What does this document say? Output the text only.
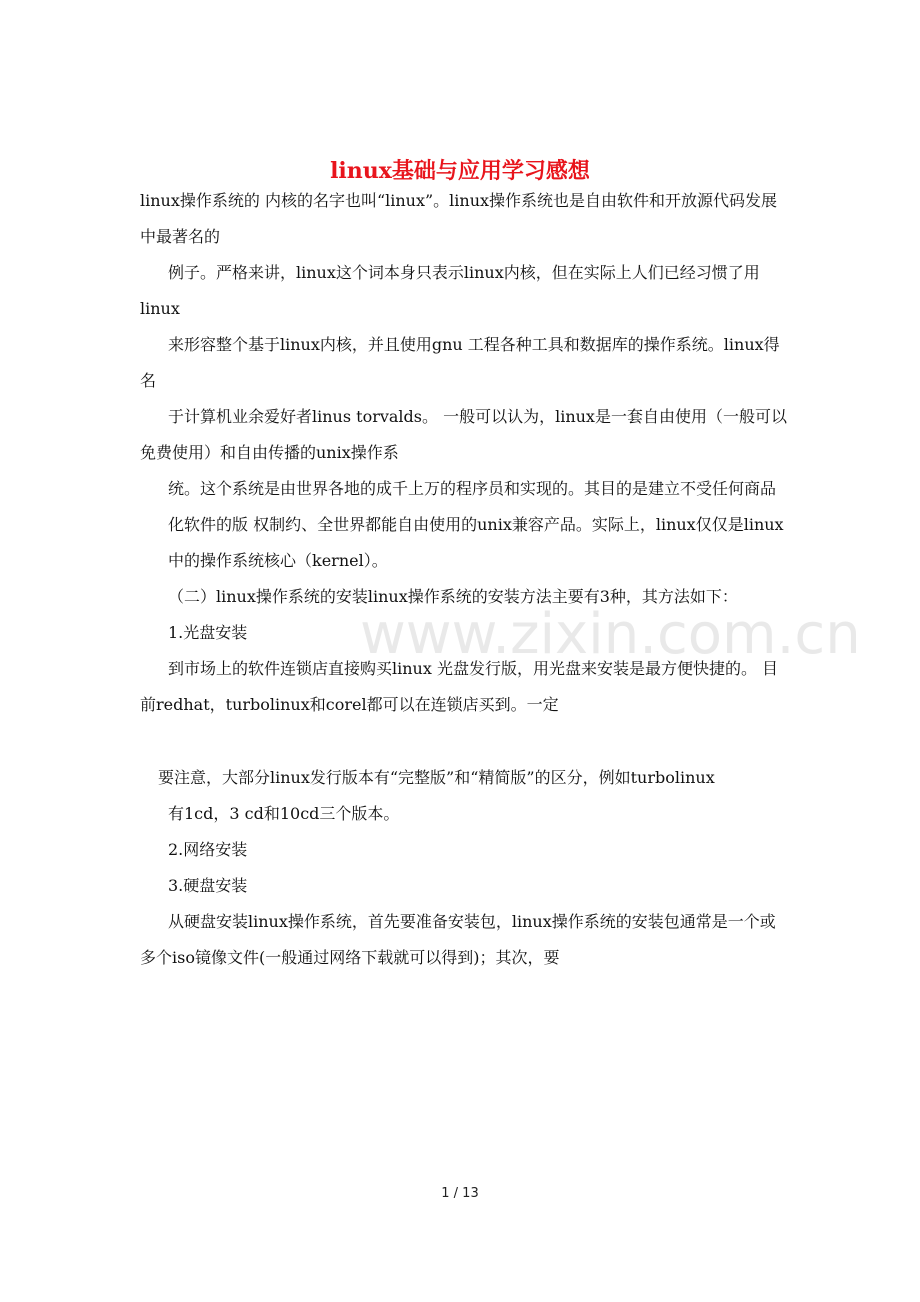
linux基础与应用学习感想

linux操作系统的 内核的名字也叫“linux”。linux操作系统也是自由软件和开放源代码发展中最著名的

例子。严格来讲，linux这个词本身只表示linux内核，但在实际上人们已经习惯了用linux

来形容整个基于linux内核，并且使用gnu 工程各种工具和数据库的操作系统。linux得名

于计算机业余爱好者linus torvalds。 一般可以认为，linux是一套自由使用（一般可以免费使用）和自由传播的unix操作系

统。这个系统是由世界各地的成千上万的程序员和实现的。其目的是建立不受任何商品

化软件的版 权制约、全世界都能自由使用的unix兼容产品。实际上，linux仅仅是linux

中的操作系统核心（kernel）。

（二）linux操作系统的安装linux操作系统的安装方法主要有3种，其方法如下：

1.光盘安装

到市场上的软件连锁店直接购买linux 光盘发行版，用光盘来安装是最方便快捷的。 目前redhat，turbolinux和corel都可以在连锁店买到。一定

要注意，大部分linux发行版本有“完整版”和“精简版”的区分，例如turbolinux

有1cd，3 cd和10cd三个版本。

2.网络安装

3.硬盘安装

从硬盘安装linux操作系统，首先要准备安装包，linux操作系统的安装包通常是一个或多个iso镜像文件(一般通过网络下载就可以得到)；其次，要

www.zixin.com.cn
1 / 13
